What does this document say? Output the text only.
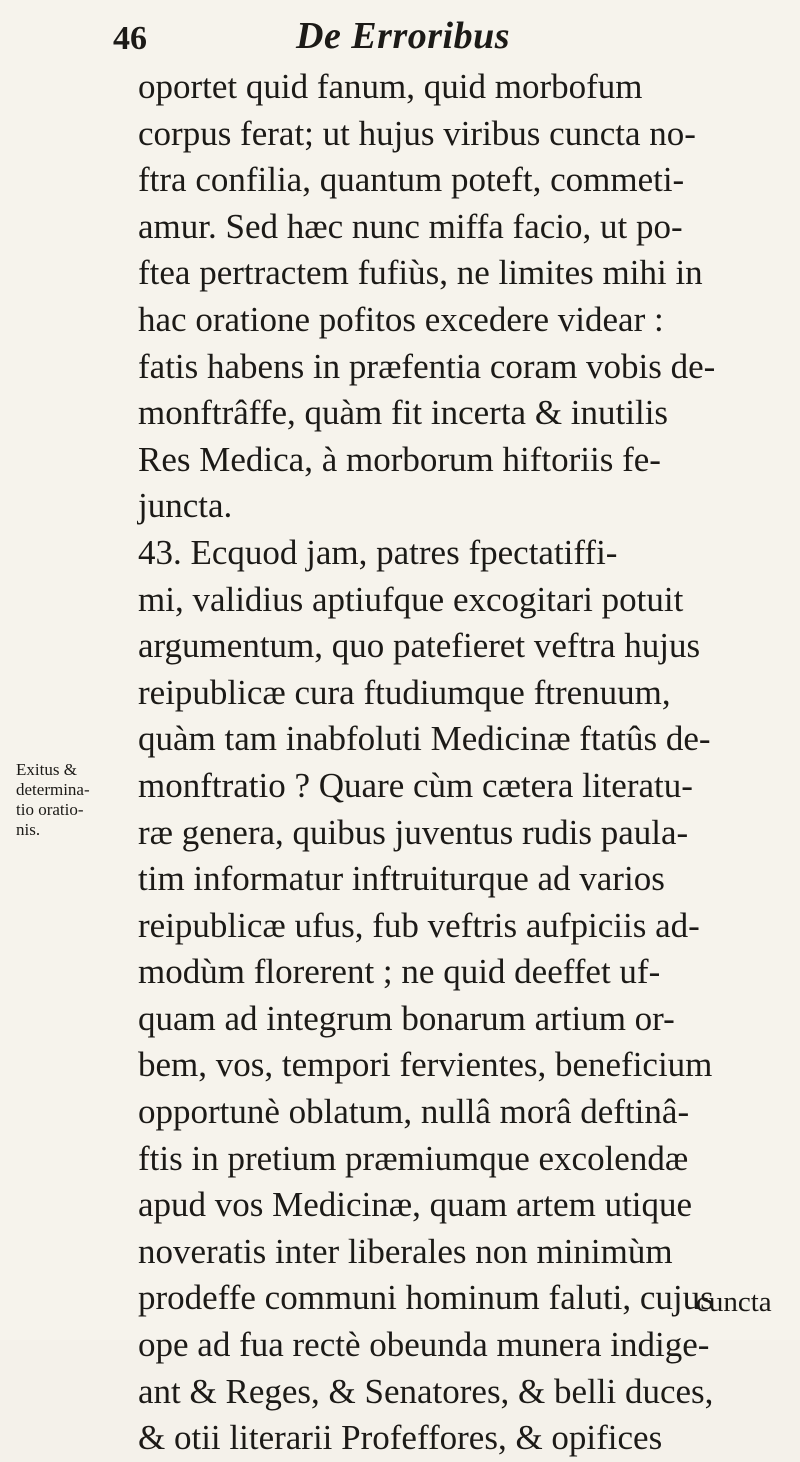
46	De Erroribus
Exitus &
determina-
tio oratio-
nis.
oportet quid fanum, quid morbofum
corpus ferat; ut hujus viribus cuncta no-
ftra confilia, quantum poteft, commeti-
amur. Sed hæc nunc miffa facio, ut po-
ftea pertractem fufiùs, ne limites mihi in
hac oratione pofitos excedere videar :
fatis habens in præfentia coram vobis de-
monftrâffe, quàm fit incerta & inutilis
Res Medica, à morborum hiftoriis fe-
juncta.
43. Ecquod jam, patres fpectatiffi-
mi, validius aptiufque excogitari potuit
argumentum, quo patefieret veftra hujus
reipublicæ cura ftudiumque ftrenuum,
quàm tam inabfoluti Medicinæ ftatûs de-
monftratio ? Quare cùm cætera literatu-
ræ genera, quibus juventus rudis paula-
tim informatur inftruiturque ad varios
reipublicæ ufus, fub veftris aufpiciis ad-
modùm florerent ; ne quid deeffet uf-
quam ad integrum bonarum artium or-
bem, vos, tempori fervientes, beneficium
opportunè oblatum, nullâ morâ deftinâ-
ftis in pretium præmiumque excolendæ
apud vos Medicinæ, quam artem utique
noveratis inter liberales non minimùm
prodeffe communi hominum faluti, cujus
ope ad fua rectè obeunda munera indige-
ant & Reges, & Senatores, & belli duces,
& otii literarii Profeffores, & opifices
cuncta
